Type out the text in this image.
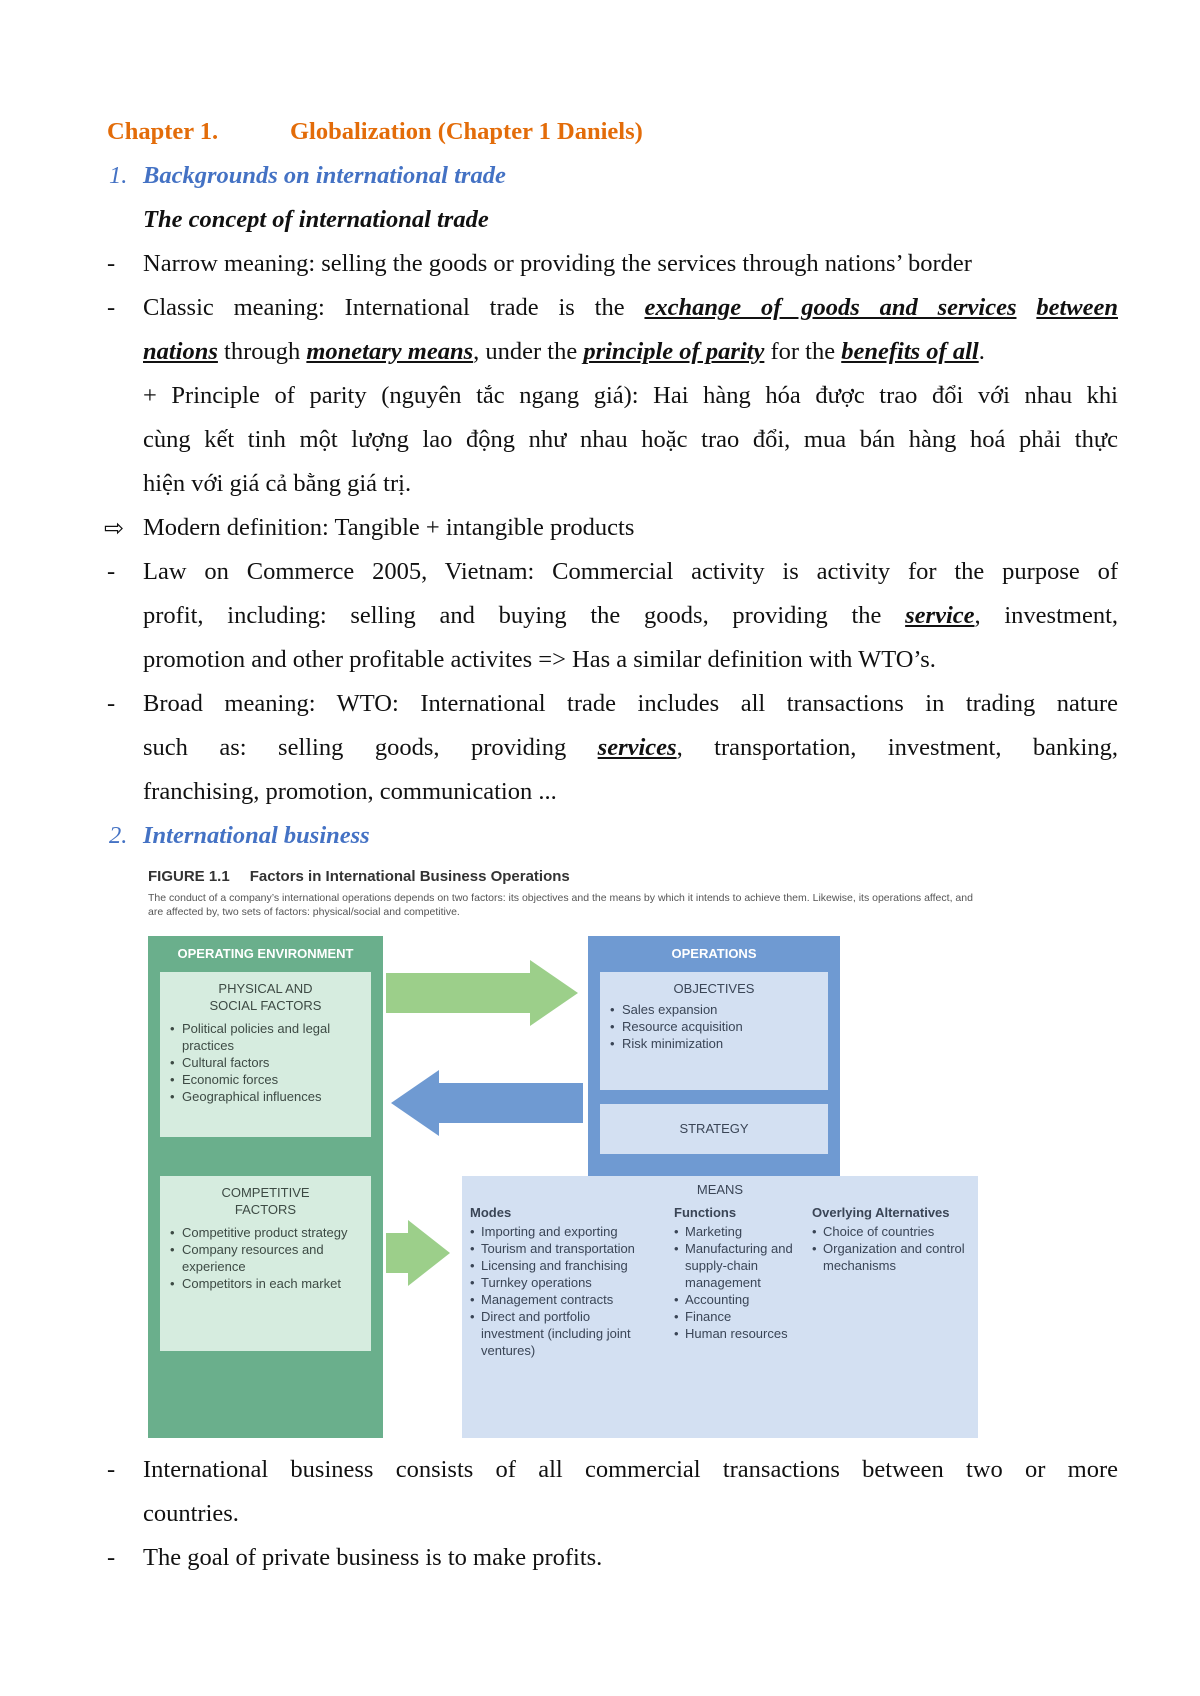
Chapter 1.	Globalization (Chapter 1 Daniels)
1. Backgrounds on international trade
The concept of international trade
- Narrow meaning: selling the goods or providing the services through nations’ border
- Classic meaning: International trade is the exchange of goods and services between
nations through monetary means, under the principle of parity for the benefits of all.
+ Principle of parity (nguyên tắc ngang giá): Hai hàng hóa được trao đổi với nhau khi
cùng kết tinh một lượng lao động như nhau hoặc trao đổi, mua bán hàng hoá phải thực
hiện với giá cả bằng giá trị.
⇨ Modern definition: Tangible + intangible products
- Law on Commerce 2005, Vietnam: Commercial activity is activity for the purpose of
profit, including: selling and buying the goods, providing the service, investment,
promotion and other profitable activites => Has a similar definition with WTO’s.
- Broad meaning: WTO: International trade includes all transactions in trading nature
such as: selling goods, providing services, transportation, investment, banking,
franchising, promotion, communication ...
2. International business
FIGURE 1.1 Factors in International Business Operations
The conduct of a company’s international operations depends on two factors: its objectives and the means by which it intends to achieve them. Likewise, its operations affect, and are affected by, two sets of factors: physical/social and competitive.
OPERATING ENVIRONMENT
PHYSICAL AND
SOCIAL FACTORS
• Political policies and legal practices
• Cultural factors
• Economic forces
• Geographical influences
COMPETITIVE
FACTORS
• Competitive product strategy
• Company resources and experience
• Competitors in each market
OPERATIONS
OBJECTIVES
• Sales expansion
• Resource acquisition
• Risk minimization
STRATEGY
MEANS
Modes
• Importing and exporting
• Tourism and transportation
• Licensing and franchising
• Turnkey operations
• Management contracts
• Direct and portfolio investment (including joint ventures)
Functions
• Marketing
• Manufacturing and supply-chain management
• Accounting
• Finance
• Human resources
Overlying Alternatives
• Choice of countries
• Organization and control mechanisms
- International business consists of all commercial transactions between two or more
countries.
- The goal of private business is to make profits.
